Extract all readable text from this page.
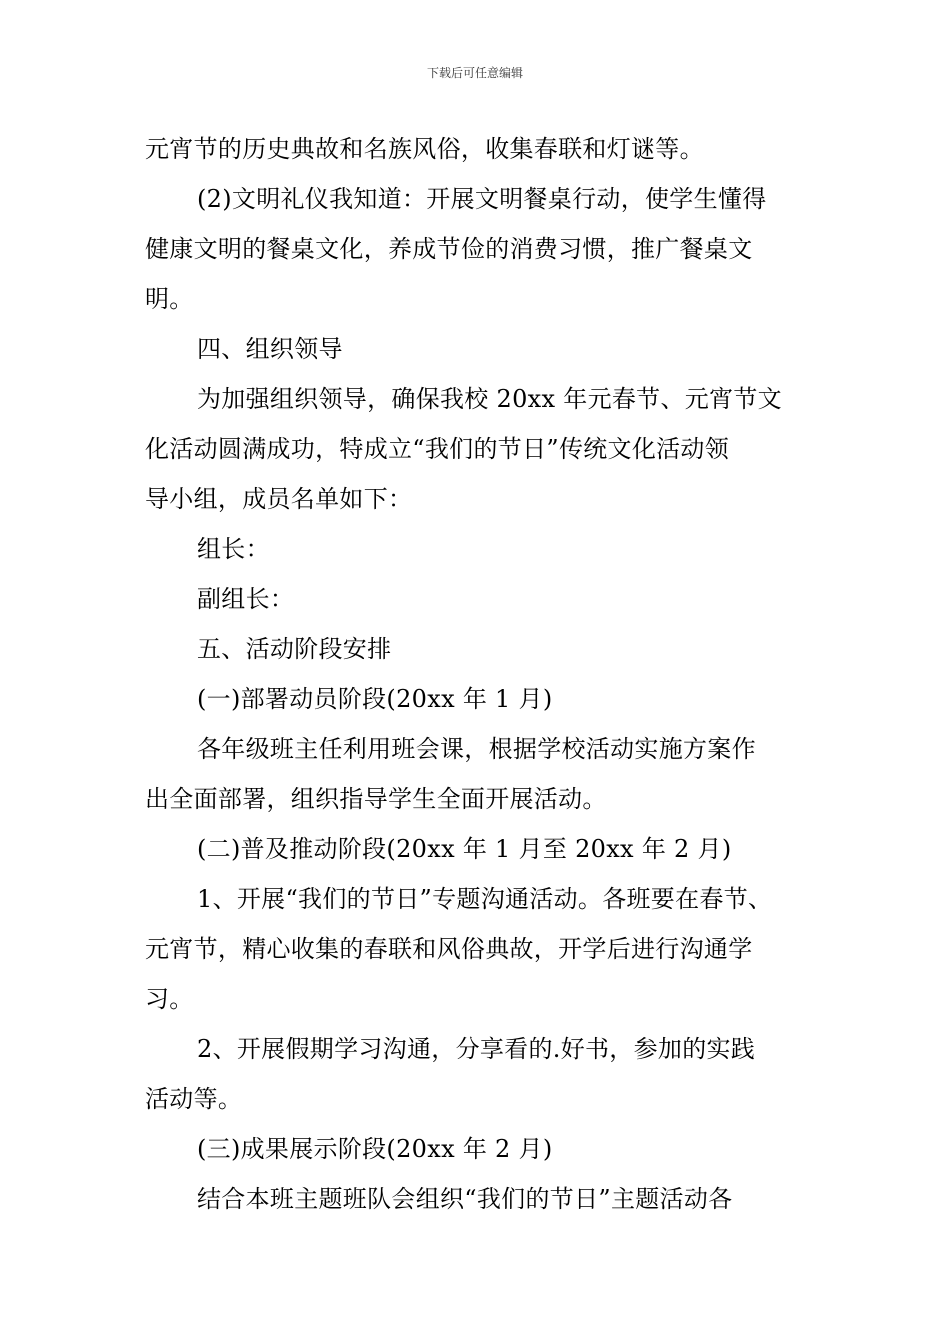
下载后可任意编辑
元宵节的历史典故和名族风俗，收集春联和灯谜等。
(2)文明礼仪我知道：开展文明餐桌行动，使学生懂得
健康文明的餐桌文化，养成节俭的消费习惯，推广餐桌文
明。
四、组织领导
为加强组织领导，确保我校 20xx 年元春节、元宵节文
化活动圆满成功，特成立“我们的节日”传统文化活动领
导小组，成员名单如下：
组长：
副组长：
五、活动阶段安排
(一)部署动员阶段(20xx 年 1 月)
各年级班主任利用班会课，根据学校活动实施方案作
出全面部署，组织指导学生全面开展活动。
(二)普及推动阶段(20xx 年 1 月至 20xx 年 2 月)
1、开展“我们的节日”专题沟通活动。各班要在春节、
元宵节，精心收集的春联和风俗典故，开学后进行沟通学
习。
2、开展假期学习沟通，分享看的.好书，参加的实践
活动等。
(三)成果展示阶段(20xx 年 2 月)
结合本班主题班队会组织“我们的节日”主题活动各
